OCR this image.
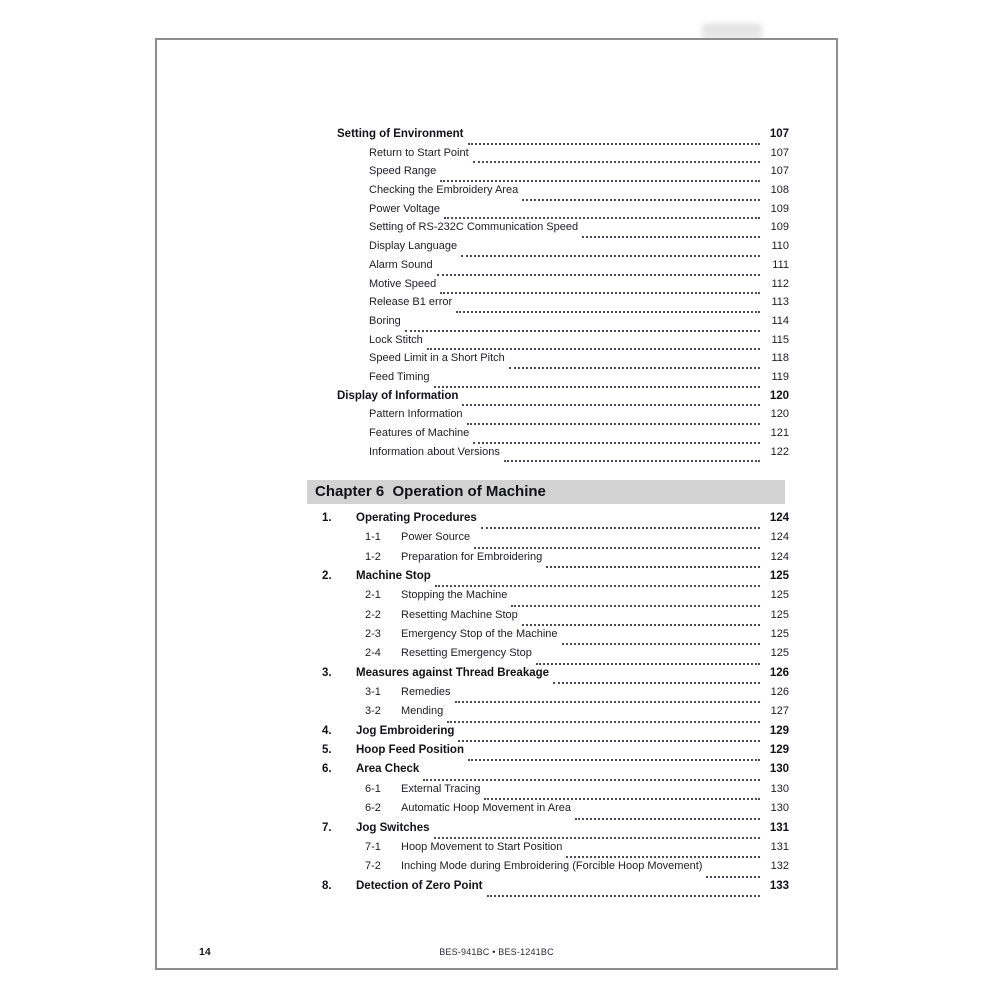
Setting of Environment	107
Return to Start Point	107
Speed Range	107
Checking the Embroidery Area	108
Power Voltage	109
Setting of RS-232C Communication Speed	109
Display Language	110
Alarm Sound	111
Motive Speed	112
Release B1 error	113
Boring	114
Lock Stitch	115
Speed Limit in a Short Pitch	118
Feed Timing	119
Display of Information	120
Pattern Information	120
Features of Machine	121
Information about Versions	122
Chapter 6  Operation of Machine
1.	Operating Procedures	124
1-1	Power Source	124
1-2	Preparation for Embroidering	124
2.	Machine Stop	125
2-1	Stopping the Machine	125
2-2	Resetting Machine Stop	125
2-3	Emergency Stop of the Machine	125
2-4	Resetting Emergency Stop	125
3.	Measures against Thread Breakage	126
3-1	Remedies	126
3-2	Mending	127
4.	Jog Embroidering	129
5.	Hoop Feed Position	129
6.	Area Check	130
6-1	External Tracing	130
6-2	Automatic Hoop Movement in Area	130
7.	Jog Switches	131
7-1	Hoop Movement to Start Position	131
7-2	Inching Mode during Embroidering (Forcible Hoop Movement)	132
8.	Detection of Zero Point	133
14	BES-941BC • BES-1241BC
